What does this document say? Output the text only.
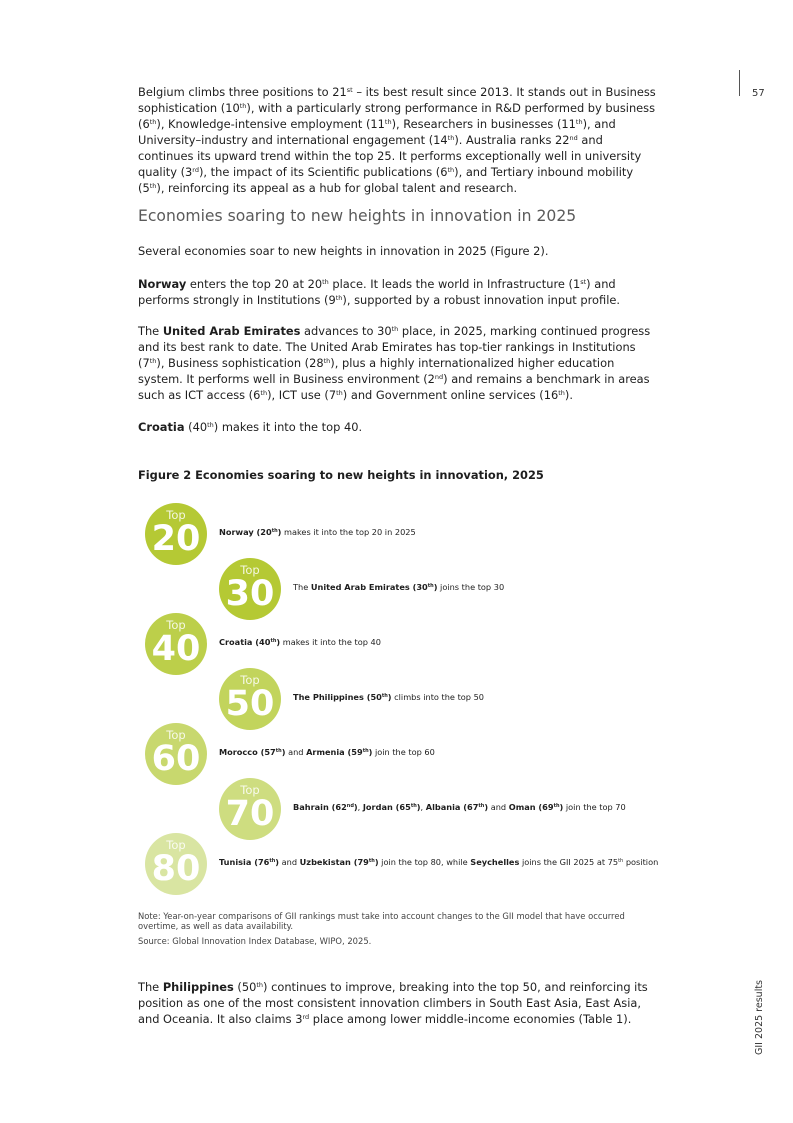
57
GII 2025 results

Belgium climbs three positions to 21st – its best result since 2013. It stands out in Business sophistication (10th), with a particularly strong performance in R&D performed by business (6th), Knowledge-intensive employment (11th), Researchers in businesses (11th), and University–industry and international engagement (14th). Australia ranks 22nd and continues its upward trend within the top 25. It performs exceptionally well in university quality (3rd), the impact of its Scientific publications (6th), and Tertiary inbound mobility (5th), reinforcing its appeal as a hub for global talent and research.

Economies soaring to new heights in innovation in 2025

Several economies soar to new heights in innovation in 2025 (Figure 2).

Norway enters the top 20 at 20th place. It leads the world in Infrastructure (1st) and performs strongly in Institutions (9th), supported by a robust innovation input profile.

The United Arab Emirates advances to 30th place, in 2025, marking continued progress and its best rank to date. The United Arab Emirates has top-tier rankings in Institutions (7th), Business sophistication (28th), plus a highly internationalized higher education system. It performs well in Business environment (2nd) and remains a benchmark in areas such as ICT access (6th), ICT use (7th) and Government online services (16th).

Croatia (40th) makes it into the top 40.

Figure 2 Economies soaring to new heights in innovation, 2025
Top
20	Norway (20th) makes it into the top 20 in 2025
Top
30	The United Arab Emirates (30th) joins the top 30
Top
40	Croatia (40th) makes it into the top 40
Top
50	The Philippines (50th) climbs into the top 50
Top
60	Morocco (57th) and Armenia (59th) join the top 60
Top
70	Bahrain (62nd), Jordan (65th), Albania (67th) and Oman (69th) join the top 70
Top
80	Tunisia (76th) and Uzbekistan (79th) join the top 80, while Seychelles joins the GII 2025 at 75th position

Note: Year-on-year comparisons of GII rankings must take into account changes to the GII model that have occurred overtime, as well as data availability.

Source: Global Innovation Index Database, WIPO, 2025.

The Philippines (50th) continues to improve, breaking into the top 50, and reinforcing its position as one of the most consistent innovation climbers in South East Asia, East Asia, and Oceania. It also claims 3rd place among lower middle-income economies (Table 1).
